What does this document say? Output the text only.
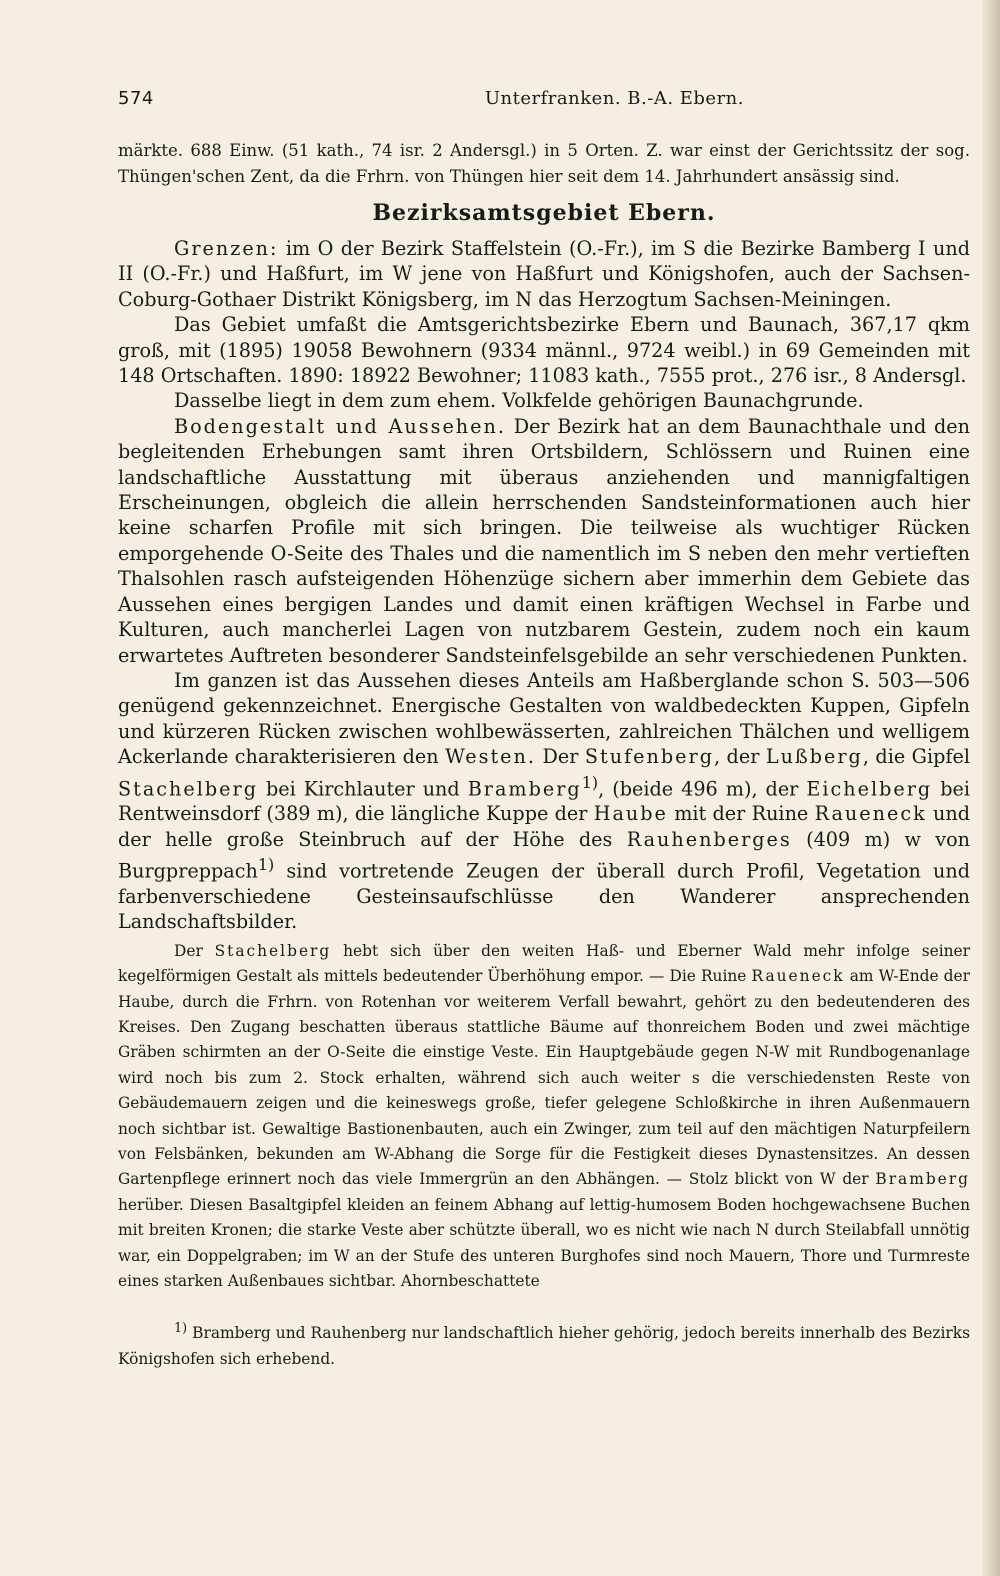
574	Unterfranken. B.-A. Ebern.

märkte. 688 Einw. (51 kath., 74 isr. 2 Andersgl.) in 5 Orten. Z. war einst der Gerichtssitz der sog. Thüngen'schen Zent, da die Frhrn. von Thüngen hier seit dem 14. Jahrhundert ansässig sind.

Bezirksamtsgebiet Ebern.

Grenzen: im O der Bezirk Staffelstein (O.-Fr.), im S die Bezirke Bamberg I und II (O.-Fr.) und Haßfurt, im W jene von Haßfurt und Königshofen, auch der Sachsen-Coburg-Gothaer Distrikt Königsberg, im N das Herzogtum Sachsen-Meiningen.

Das Gebiet umfaßt die Amtsgerichtsbezirke Ebern und Baunach, 367,17 qkm groß, mit (1895) 19058 Bewohnern (9334 männl., 9724 weibl.) in 69 Gemeinden mit 148 Ortschaften. 1890: 18922 Bewohner; 11083 kath., 7555 prot., 276 isr., 8 Andersgl.

Dasselbe liegt in dem zum ehem. Volkfelde gehörigen Baunachgrunde.

Bodengestalt und Aussehen. Der Bezirk hat an dem Baunachthale und den begleitenden Erhebungen samt ihren Ortsbildern, Schlössern und Ruinen eine landschaftliche Ausstattung mit überaus anziehenden und mannigfaltigen Erscheinungen, obgleich die allein herrschenden Sandsteinformationen auch hier keine scharfen Profile mit sich bringen. Die teilweise als wuchtiger Rücken emporgehende O-Seite des Thales und die namentlich im S neben den mehr vertieften Thalsohlen rasch aufsteigenden Höhenzüge sichern aber immerhin dem Gebiete das Aussehen eines bergigen Landes und damit einen kräftigen Wechsel in Farbe und Kulturen, auch mancherlei Lagen von nutzbarem Gestein, zudem noch ein kaum erwartetes Auftreten besonderer Sandsteinfelsgebilde an sehr verschiedenen Punkten.

Im ganzen ist das Aussehen dieses Anteils am Haßberglande schon S. 503—506 genügend gekennzeichnet. Energische Gestalten von waldbedeckten Kuppen, Gipfeln und kürzeren Rücken zwischen wohlbewässerten, zahlreichen Thälchen und welligem Ackerlande charakterisieren den Westen. Der Stufenberg, der Lußberg, die Gipfel Stachelberg bei Kirchlauter und Bramberg$^{1)}$, (beide 496 m), der Eichelberg bei Rentweinsdorf (389 m), die längliche Kuppe der Haube mit der Ruine Raueneck und der helle große Steinbruch auf der Höhe des Rauhenberges (409 m) w von Burgpreppach$^{1)}$ sind vortretende Zeugen der überall durch Profil, Vegetation und farbenverschiedene Gesteinsaufschlüsse den Wanderer ansprechenden Landschaftsbilder.

Der Stachelberg hebt sich über den weiten Haß- und Eberner Wald mehr infolge seiner kegelförmigen Gestalt als mittels bedeutender Überhöhung empor. — Die Ruine Raueneck am W-Ende der Haube, durch die Frhrn. von Rotenhan vor weiterem Verfall bewahrt, gehört zu den bedeutenderen des Kreises. Den Zugang beschatten überaus stattliche Bäume auf thonreichem Boden und zwei mächtige Gräben schirmten an der O-Seite die einstige Veste. Ein Hauptgebäude gegen N-W mit Rundbogenanlage wird noch bis zum 2. Stock erhalten, während sich auch weiter s die verschiedensten Reste von Gebäudemauern zeigen und die keineswegs große, tiefer gelegene Schloßkirche in ihren Außenmauern noch sichtbar ist. Gewaltige Bastionenbauten, auch ein Zwinger, zum teil auf den mächtigen Naturpfeilern von Felsbänken, bekunden am W-Abhang die Sorge für die Festigkeit dieses Dynastensitzes. An dessen Gartenpflege erinnert noch das viele Immergrün an den Abhängen. — Stolz blickt von W der Bramberg herüber. Diesen Basaltgipfel kleiden an feinem Abhang auf lettig-humosem Boden hochgewachsene Buchen mit breiten Kronen; die starke Veste aber schützte überall, wo es nicht wie nach N durch Steilabfall unnötig war, ein Doppelgraben; im W an der Stufe des unteren Burghofes sind noch Mauern, Thore und Turmreste eines starken Außenbaues sichtbar. Ahornbeschattete

$^{1)}$ Bramberg und Rauhenberg nur landschaftlich hieher gehörig, jedoch bereits innerhalb des Bezirks Königshofen sich erhebend.
